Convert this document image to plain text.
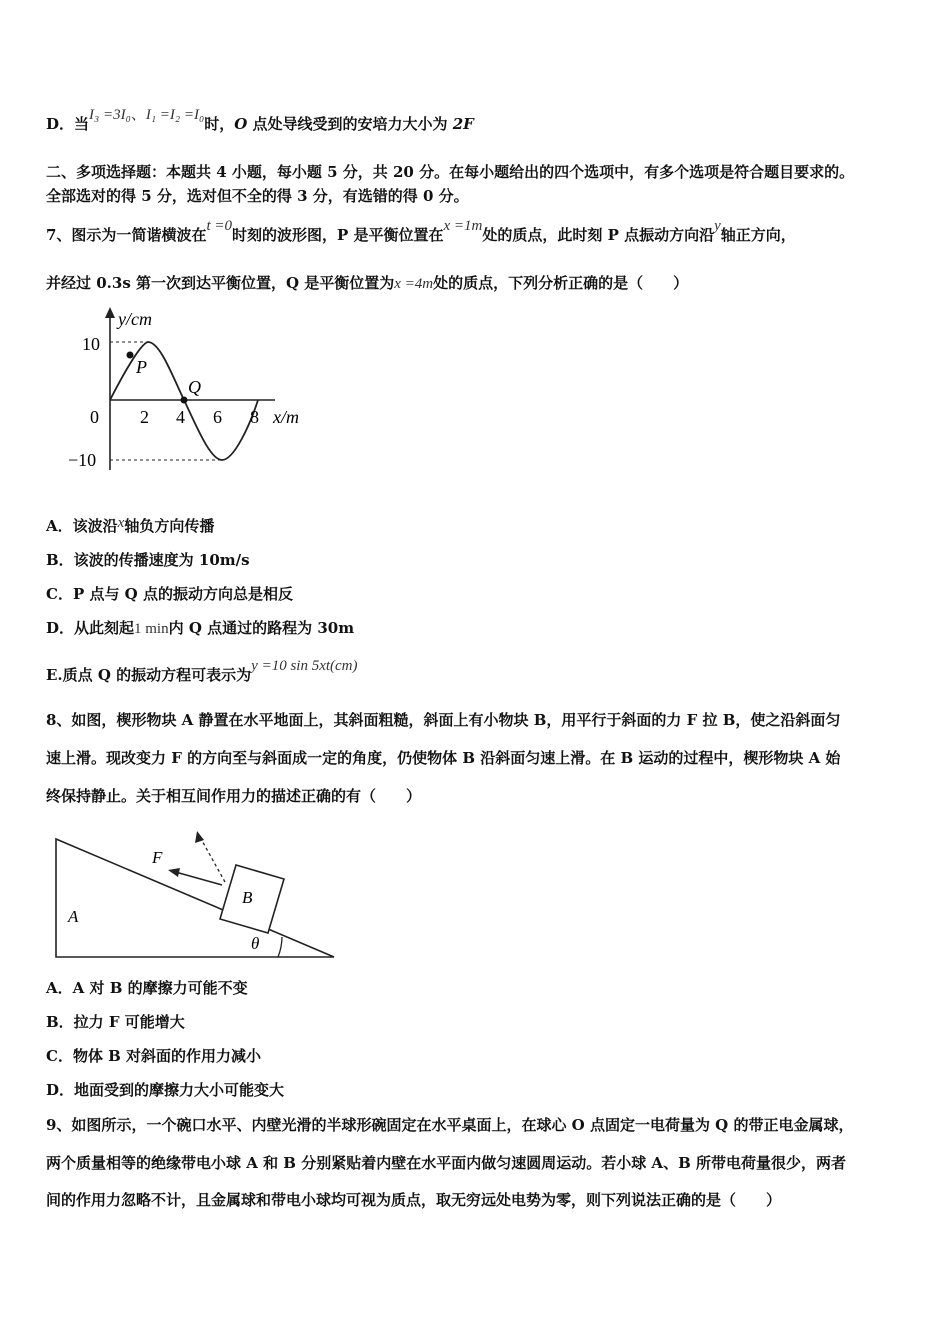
D．当I₃ =3I₀、I₁ =I₂ =I₀时，O 点处导线受到的安培力大小为 2F
二、多项选择题：本题共 4 小题，每小题 5 分，共 20 分。在每小题给出的四个选项中，有多个选项是符合题目要求的。
全部选对的得 5 分，选对但不全的得 3 分，有选错的得 0 分。
7、图示为一简谐横波在t =0时刻的波形图，P 是平衡位置在x =1m处的质点，此时刻 P 点振动方向沿y轴正方向，
并经过 0.3s 第一次到达平衡位置，Q 是平衡位置为x =4m处的质点，下列分析正确的是（　　）
y/cm
10
−10
P
Q
0 2 4 6 8 x/m
A．该波沿x轴负方向传播
B．该波的传播速度为 10m/s
C．P 点与 Q 点的振动方向总是相反
D．从此刻起1 min内 Q 点通过的路程为 30m
E.质点 Q 的振动方程可表示为y =10 sin 5xt(cm)
8、如图，楔形物块 A 静置在水平地面上，其斜面粗糙，斜面上有小物块 B，用平行于斜面的力 F 拉 B，使之沿斜面匀
速上滑。现改变力 F 的方向至与斜面成一定的角度，仍使物体 B 沿斜面匀速上滑。在 B 运动的过程中，楔形物块 A 始
终保持静止。关于相互间作用力的描述正确的有（　　）
A
B
F
θ
A．A 对 B 的摩擦力可能不变
B．拉力 F 可能增大
C．物体 B 对斜面的作用力减小
D．地面受到的摩擦力大小可能变大
9、如图所示，一个碗口水平、内壁光滑的半球形碗固定在水平桌面上，在球心 O 点固定一电荷量为 Q 的带正电金属球，
两个质量相等的绝缘带电小球 A 和 B 分别紧贴着内壁在水平面内做匀速圆周运动。若小球 A、B 所带电荷量很少，两者
间的作用力忽略不计，且金属球和带电小球均可视为质点，取无穷远处电势为零，则下列说法正确的是（　　）
